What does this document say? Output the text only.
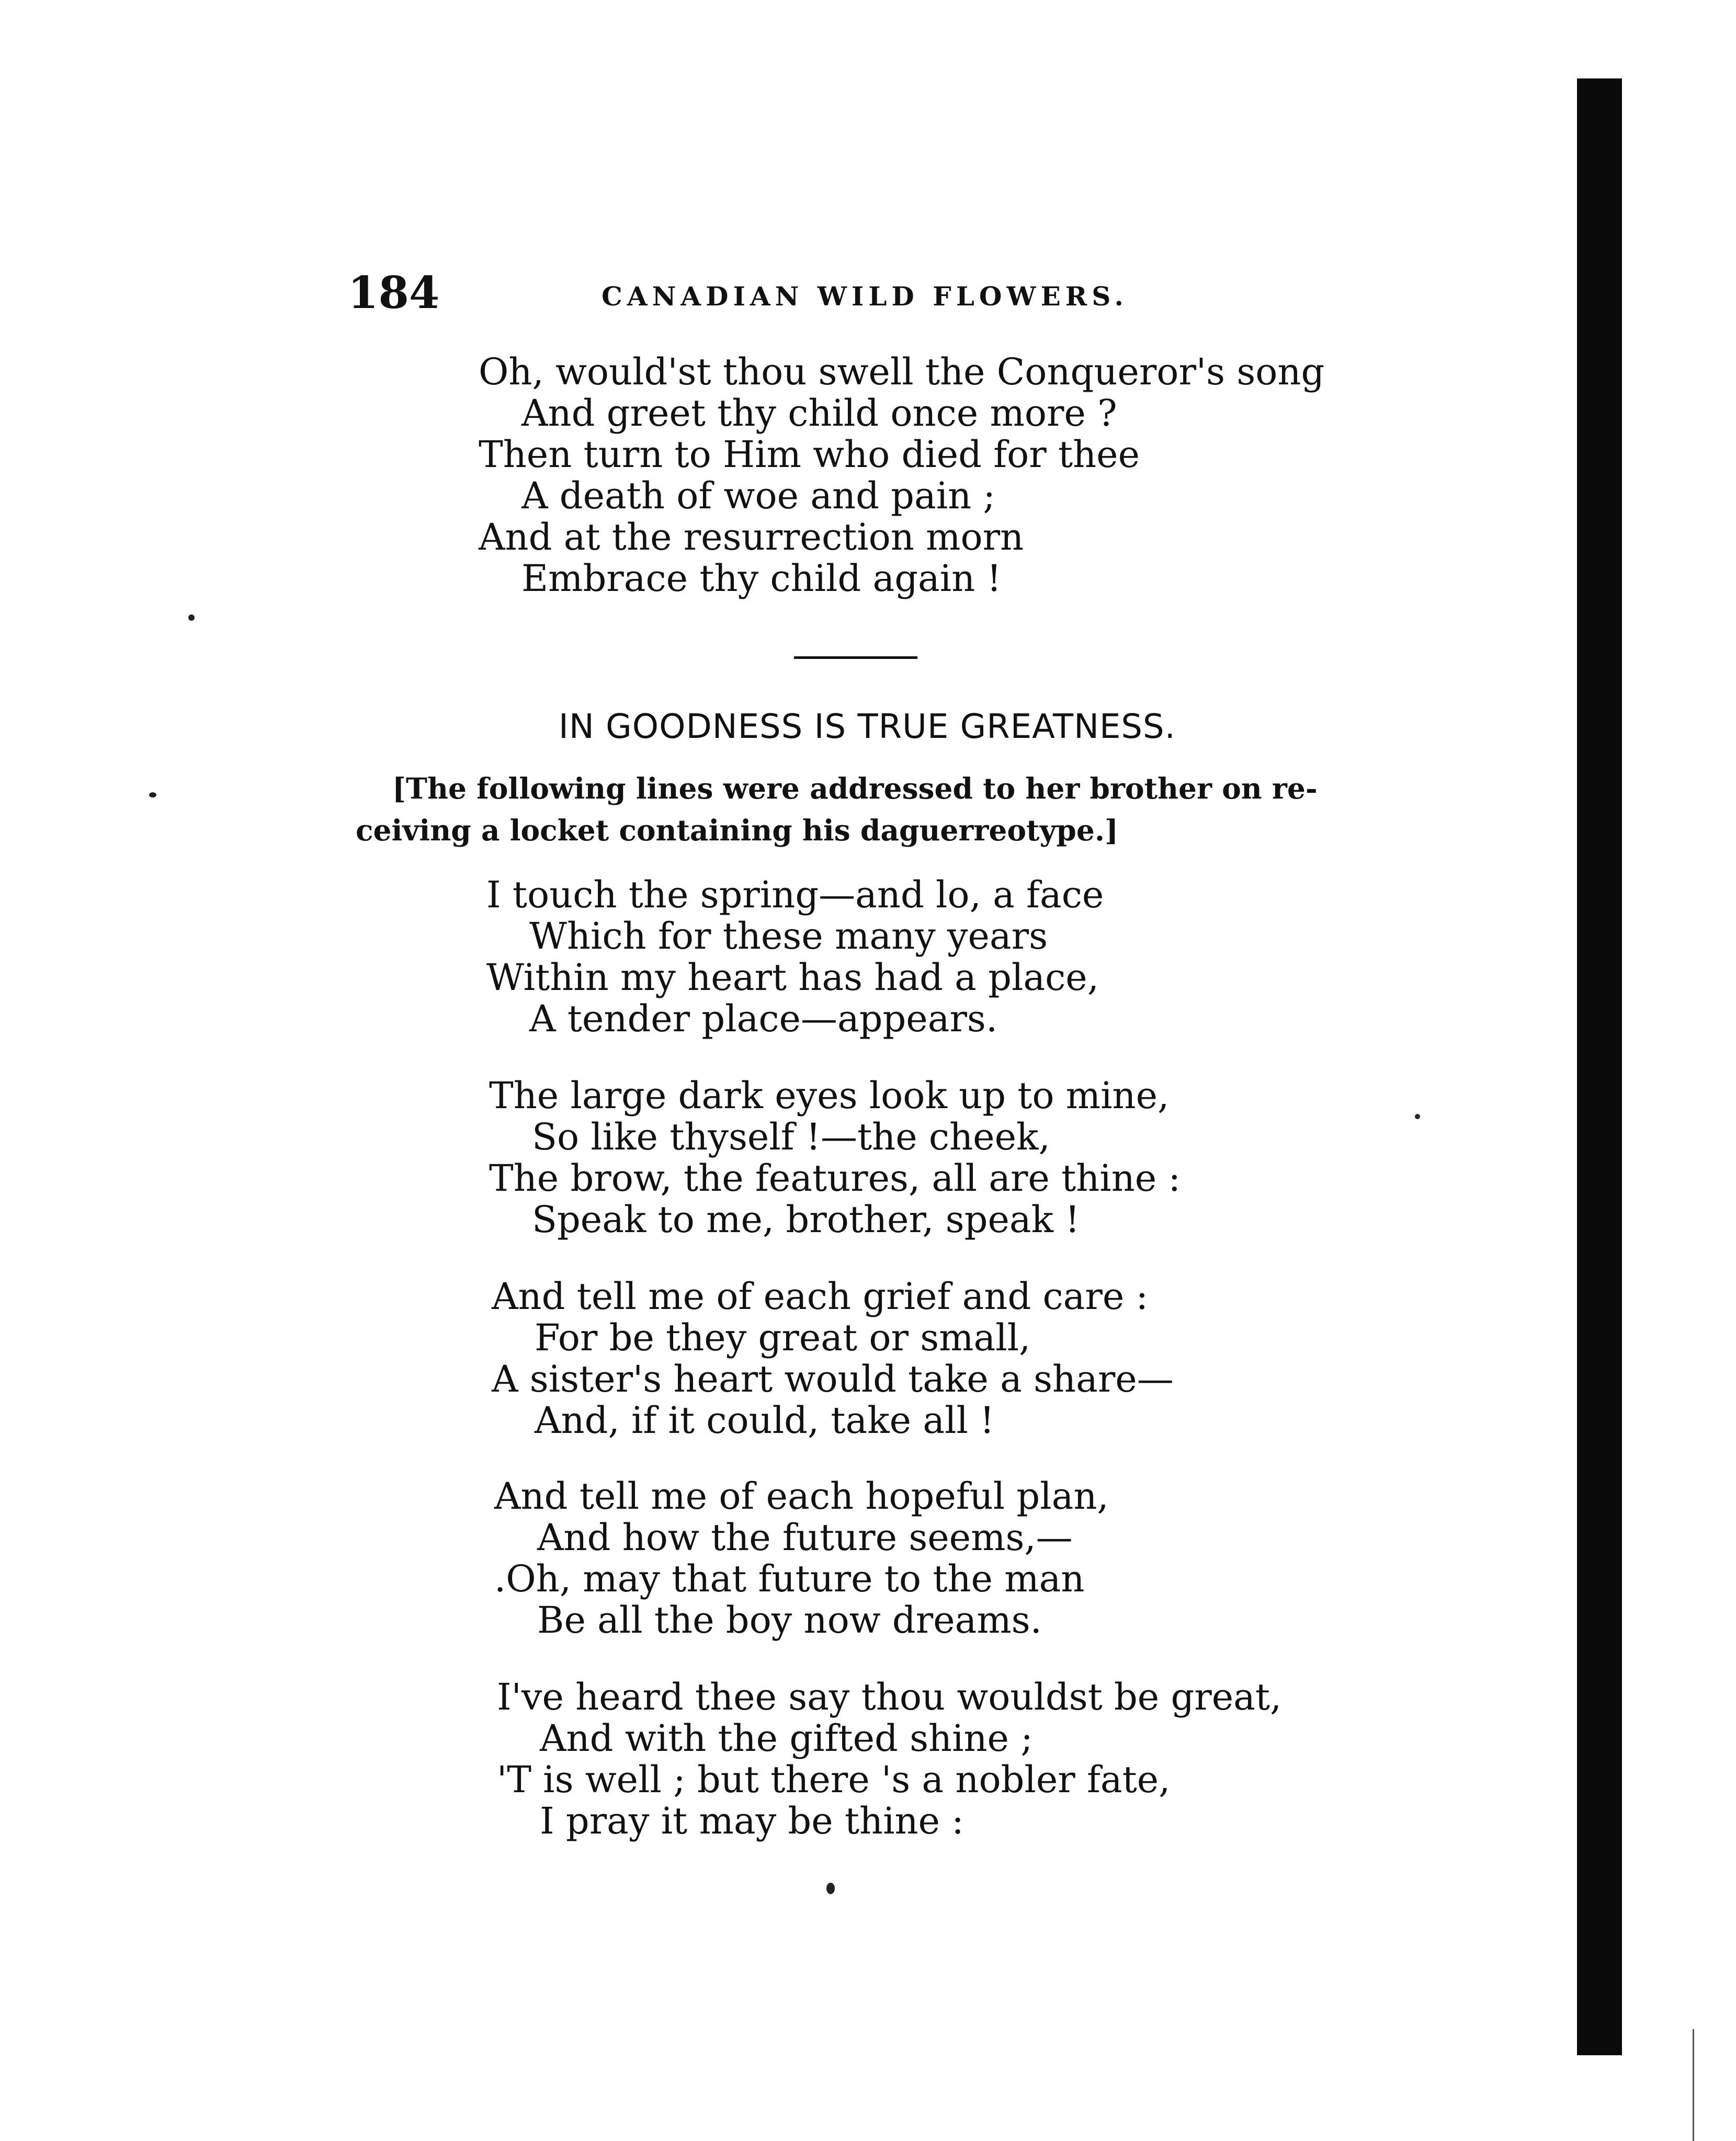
184	CANADIAN WILD FLOWERS.
Oh, would'st thou swell the Conqueror's song
And greet thy child once more ?
Then turn to Him who died for thee
A death of woe and pain ;
And at the resurrection morn
Embrace thy child again !
IN GOODNESS IS TRUE GREATNESS.

[The following lines were addressed to her brother on re-
ceiving a locket containing his daguerreotype.]

I touch the spring—and lo, a face
Which for these many years
Within my heart has had a place,
A tender place—appears.
The large dark eyes look up to mine,
So like thyself !—the cheek,
The brow, the features, all are thine :
Speak to me, brother, speak !
And tell me of each grief and care :
For be they great or small,
A sister's heart would take a share—
And, if it could, take all !
And tell me of each hopeful plan,
And how the future seems,—
.Oh, may that future to the man
Be all the boy now dreams.
I've heard thee say thou wouldst be great,
And with the gifted shine ;
'T is well ; but there 's a nobler fate,
I pray it may be thine :
